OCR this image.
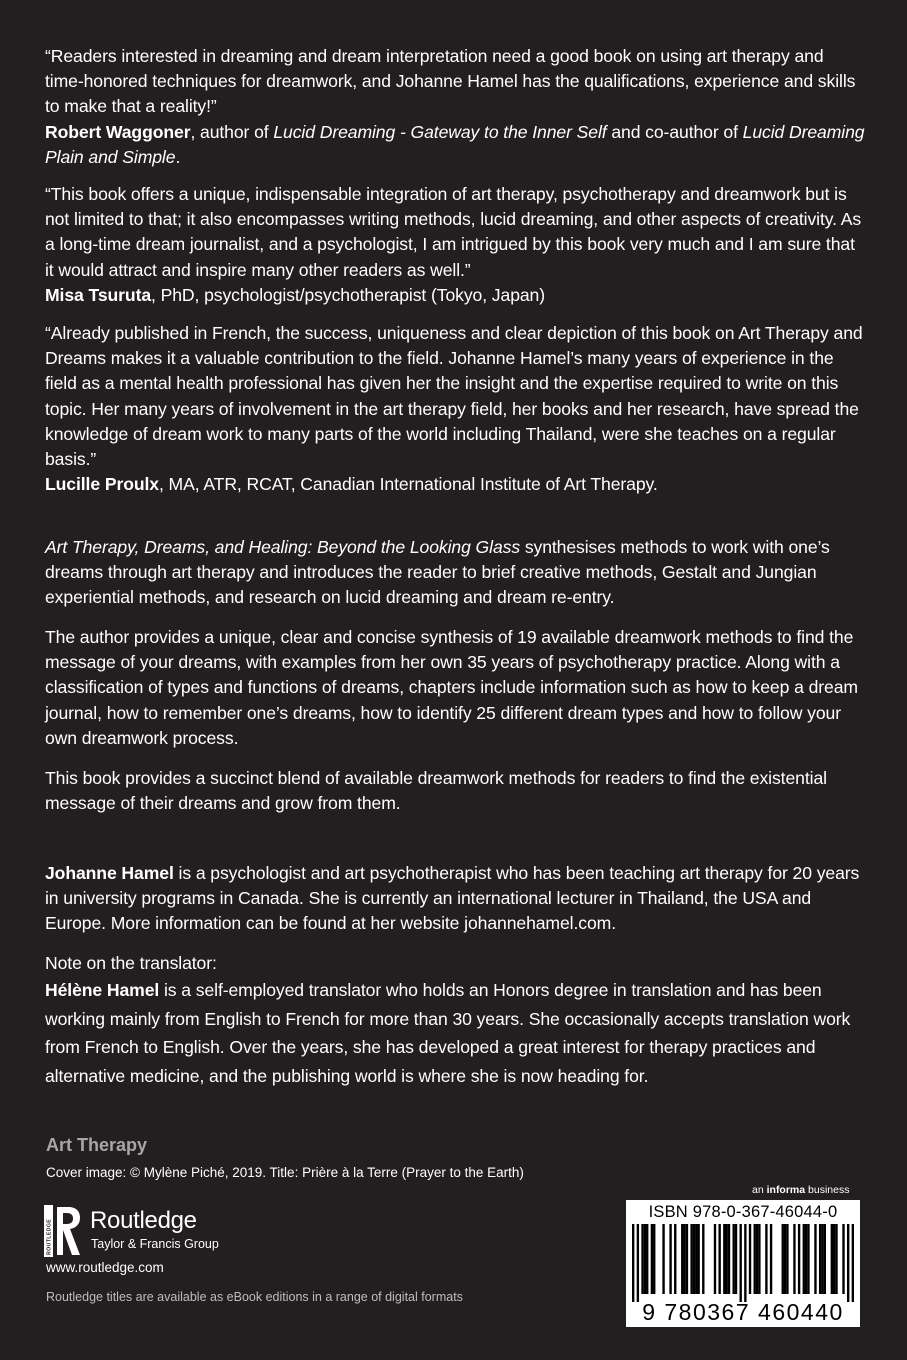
“Readers interested in dreaming and dream interpretation need a good book on using art therapy and time-honored techniques for dreamwork, and Johanne Hamel has the qualifications, experience and skills to make that a reality!”

Robert Waggoner, author of Lucid Dreaming - Gateway to the Inner Self and co-author of Lucid Dreaming Plain and Simple.

“This book offers a unique, indispensable integration of art therapy, psychotherapy and dreamwork but is not limited to that; it also encompasses writing methods, lucid dreaming, and other aspects of creativity. As a long-time dream journalist, and a psychologist, I am intrigued by this book very much and I am sure that it would attract and inspire many other readers as well.”

Misa Tsuruta, PhD, psychologist/psychotherapist (Tokyo, Japan)

“Already published in French, the success, uniqueness and clear depiction of this book on Art Therapy and Dreams makes it a valuable contribution to the field. Johanne Hamel’s many years of experience in the field as a mental health professional has given her the insight and the expertise required to write on this topic. Her many years of involvement in the art therapy field, her books and her research, have spread the knowledge of dream work to many parts of the world including Thailand, were she teaches on a regular basis.”

Lucille Proulx, MA, ATR, RCAT, Canadian International Institute of Art Therapy.

Art Therapy, Dreams, and Healing: Beyond the Looking Glass synthesises methods to work with one’s dreams through art therapy and introduces the reader to brief creative methods, Gestalt and Jungian experiential methods, and research on lucid dreaming and dream re-entry.

The author provides a unique, clear and concise synthesis of 19 available dreamwork methods to find the message of your dreams, with examples from her own 35 years of psychotherapy practice. Along with a classification of types and functions of dreams, chapters include information such as how to keep a dream journal, how to remember one’s dreams, how to identify 25 different dream types and how to follow your own dreamwork process.

This book provides a succinct blend of available dreamwork methods for readers to find the existential message of their dreams and grow from them.

Johanne Hamel is a psychologist and art psychotherapist who has been teaching art therapy for 20 years in university programs in Canada. She is currently an international lecturer in Thailand, the USA and Europe. More information can be found at her website johannehamel.com.

Note on the translator:

Hélène Hamel is a self-employed translator who holds an Honors degree in translation and has been working mainly from English to French for more than 30 years. She occasionally accepts translation work from French to English. Over the years, she has developed a great interest for therapy practices and alternative medicine, and the publishing world is where she is now heading for.

Art Therapy
Cover image: © Mylène Piché, 2019. Title: Prière à la Terre (Prayer to the Earth)
ROUTLEDGE Routledge
Taylor & Francis Group
www.routledge.com
Routledge titles are available as eBook editions in a range of digital formats
an informa business
ISBN 978-0-367-46044-0
9 780367 460440
